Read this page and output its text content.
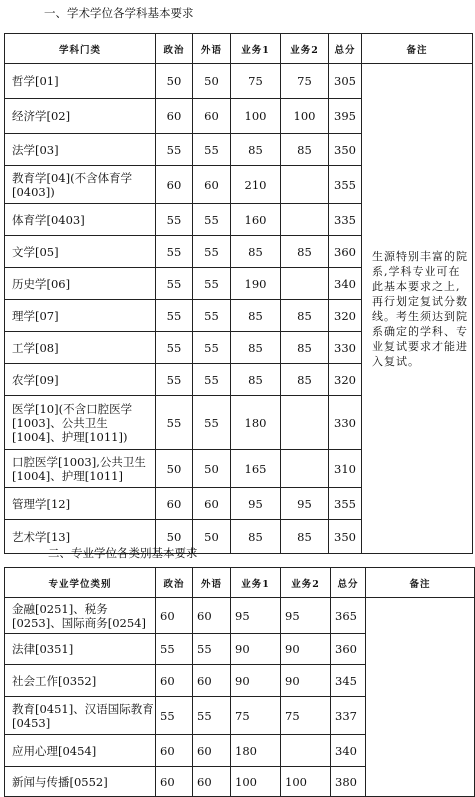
一、学术学位各学科基本要求
学科门类	政治	外语	业务1	业务2	总分	备注
哲学[01]	50	50	75	75	305	生源特别丰富的院系,学科专业可在此基本要求之上,再行划定复试分数线。考生须达到院系确定的学科、专业复试要求才能进入复试。
经济学[02]	60	60	100	100	395	
法学[03]	55	55	85	85	350	
教育学[04](不含体育学[0403])	60	60	210		355	
体育学[0403]	55	55	160		335	
文学[05]	55	55	85	85	360	
历史学[06]	55	55	190		340	
理学[07]	55	55	85	85	320	
工学[08]	55	55	85	85	330	
农学[09]	55	55	85	85	320	
医学[10](不含口腔医学[1003]、公共卫生[1004]、护理[1011])	55	55	180		330	
口腔医学[1003],公共卫生[1004]、护理[1011]	50	50	165		310	
管理学[12]	60	60	95	95	355	
艺术学[13]	50	50	85	85	350	
二、专业学位各类别基本要求
专业学位类别	政治	外语	业务1	业务2	总分	备注
金融[0251]、税务[0253]、国际商务[0254]	60	60	95	95	365	
法律[0351]	55	55	90	90	360	
社会工作[0352]	60	60	90	90	345	
教育[0451]、汉语国际教育[0453]	55	55	75	75	337	
应用心理[0454]	60	60	180		340	
新闻与传播[0552]	60	60	100	100	380	
